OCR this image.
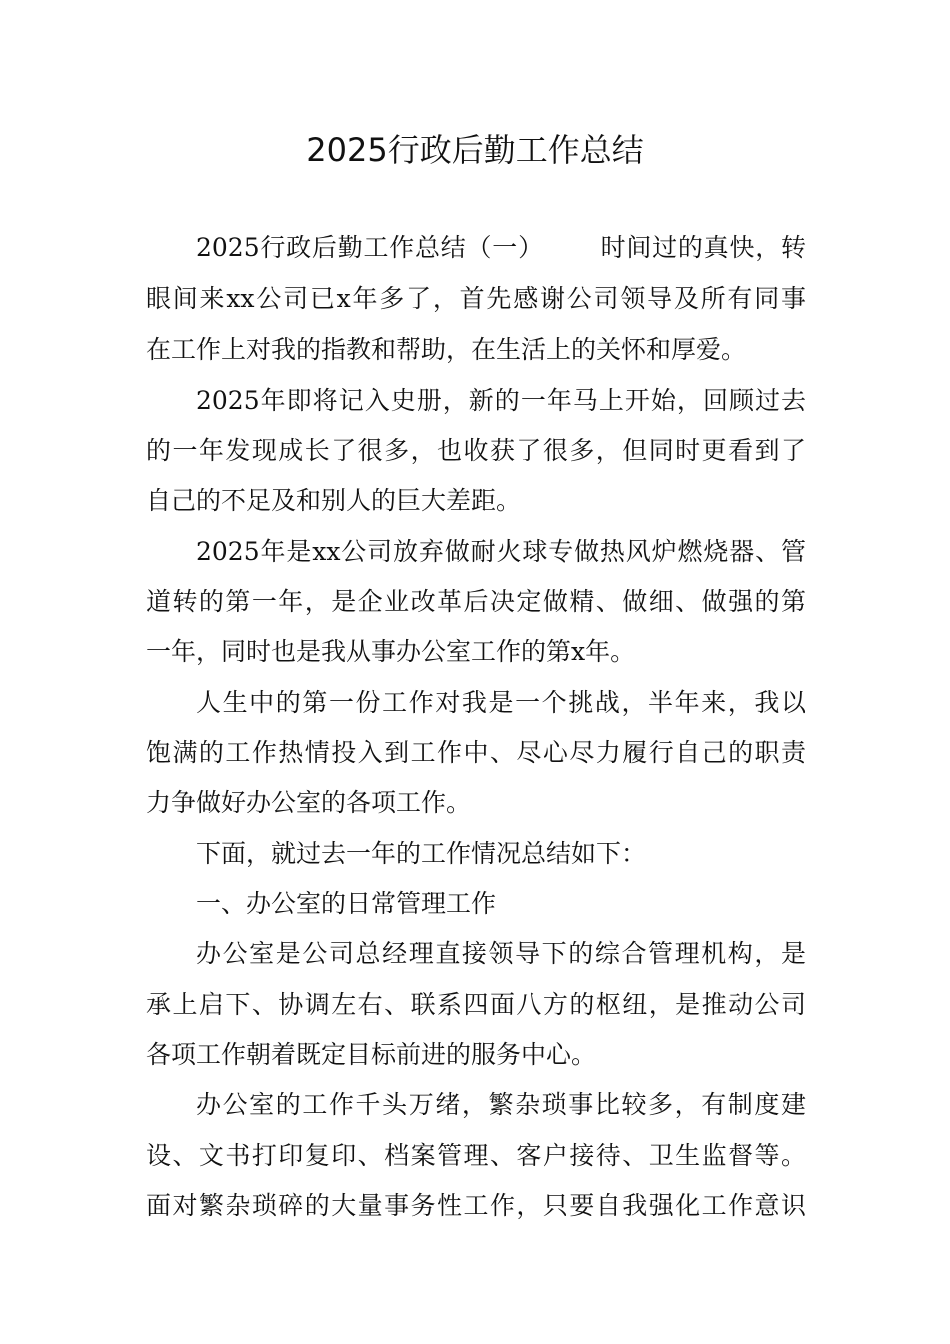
2025行政后勤工作总结
2025行政后勤工作总结（一） 时间过的真快，转
眼间来xx公司已x年多了，首先感谢公司领导及所有同事
在工作上对我的指教和帮助，在生活上的关怀和厚爱。
2025年即将记入史册，新的一年马上开始，回顾过去
的一年发现成长了很多，也收获了很多，但同时更看到了
自己的不足及和别人的巨大差距。
2025年是xx公司放弃做耐火球专做热风炉燃烧器、管
道转的第一年，是企业改革后决定做精、做细、做强的第
一年，同时也是我从事办公室工作的第x年。
人生中的第一份工作对我是一个挑战，半年来，我以
饱满的工作热情投入到工作中、尽心尽力履行自己的职责
力争做好办公室的各项工作。
下面，就过去一年的工作情况总结如下：
一、办公室的日常管理工作
办公室是公司总经理直接领导下的综合管理机构，是
承上启下、协调左右、联系四面八方的枢纽，是推动公司
各项工作朝着既定目标前进的服务中心。
办公室的工作千头万绪，繁杂琐事比较多，有制度建
设、文书打印复印、档案管理、客户接待、卫生监督等。
面对繁杂琐碎的大量事务性工作，只要自我强化工作意识
